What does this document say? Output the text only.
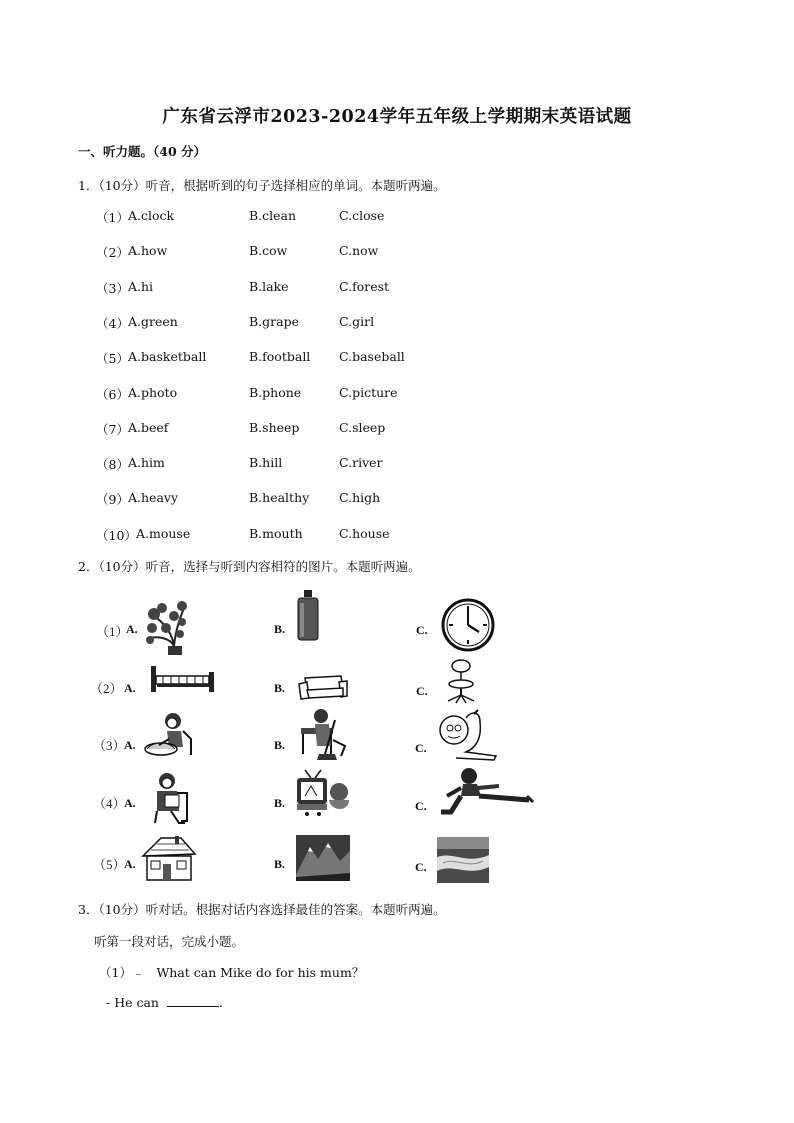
广东省云浮市2023-2024学年五年级上学期期末英语试题
一、听力题。（40 分）
1．（10分）听音，根据听到的句子选择相应的单词。本题听两遍。
（1） A.clock	B.clean	C.close
（2） A.how	B.cow	C.now
（3） A.hi	B.lake	C.forest
（4） A.green	B.grape	C.girl
（5） A.basketball	B.football C.baseball
（6） A.photo	B.phone	C.picture
（7） A.beef	B.sheep	C.sleep
（8） A.him	B.hill	C.river
（9） A.heavy	B.healthy C.high
（10） A.mouse	B.mouth	C.house
2．（10分）听音，选择与听到内容相符的图片。本题听两遍。
（1）
A.	B.	C.
（2） A.	B.	C.
（3）
A.	B.	C.
（4）
A.	B.	C.
（5）
A.	B.	C.
3．（10分）听对话。根据对话内容选择最佳的答案。本题听两遍。
听第一段对话，完成小题。
（1）﹣ What can Mike do for his mum？
- He can	.
